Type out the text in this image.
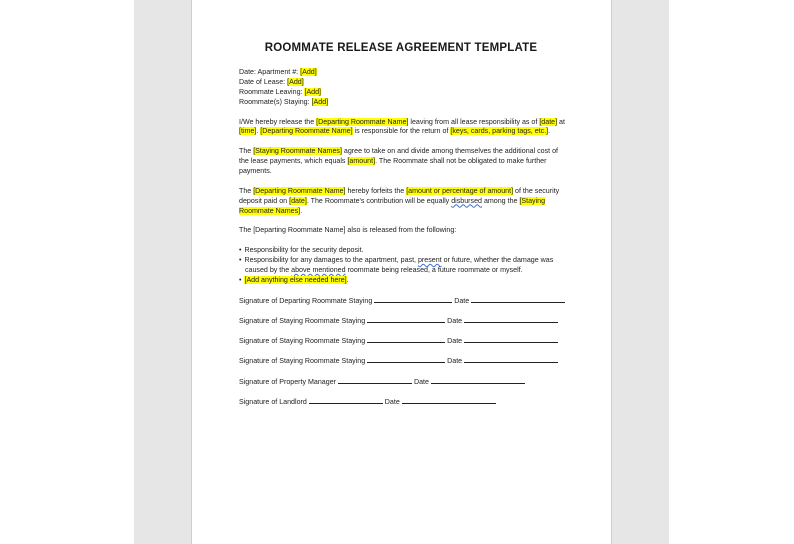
ROOMMATE RELEASE AGREEMENT TEMPLATE

Date: Apartment #: [Add]

Date of Lease: [Add]

Roommate Leaving: [Add]

Roommate(s) Staying: [Add]

I/We hereby release the [Departing Roommate Name] leaving from all lease responsibility as of [date] at [time]. [Departing Roommate Name] is responsible for the return of [keys, cards, parking tags, etc.].

The [Staying Roommate Names] agree to take on and divide among themselves the additional cost of the lease payments, which equals [amount]. The Roommate shall not be obligated to make further payments.

The [Departing Roommate Name] hereby forfeits the [amount or percentage of amount] of the security deposit paid on [date]. The Roommate's contribution will be equally disbursed among the [Staying Roommate Names].

The [Departing Roommate Name] also is released from the following:

• Responsibility for the security deposit.

• Responsibility for any damages to the apartment, past, present or future, whether the damage was

caused by the above mentioned roommate being released, a future roommate or myself.

• [Add anything else needed here].

Signature of Departing Roommate Staying	Date

Signature of Staying Roommate Staying	Date

Signature of Staying Roommate Staying	Date

Signature of Staying Roommate Staying	Date

Signature of Property Manager	Date

Signature of Landlord	Date
